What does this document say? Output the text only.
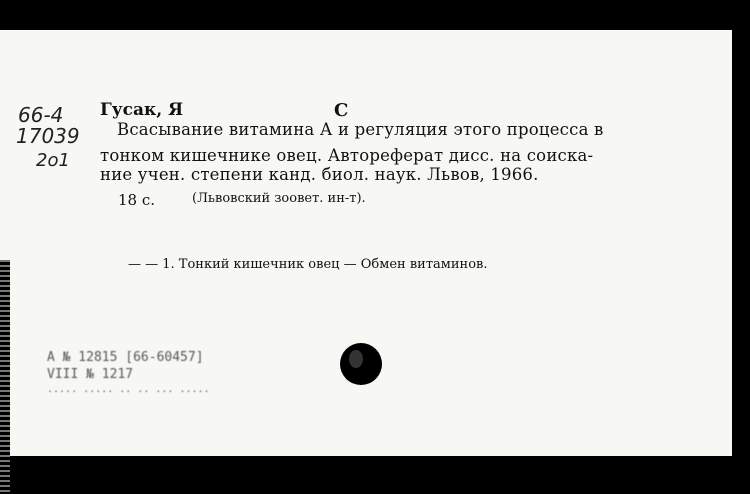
66-4
17039
2о1
Гусак, Я	С
Всасывание витамина А и регуляция этого процесса в
тонком кишечнике овец. Автореферат дисс. на соиска-
ние учен. степени канд. биол. наук. Львов, 1966.
18 с.	(Львовский зоовет. ин-т).
— — 1. Тонкий кишечник овец — Обмен витаминов.
А № 12815 [66-60457]
VIII № 1217
..... ..... .. .. ... .....
